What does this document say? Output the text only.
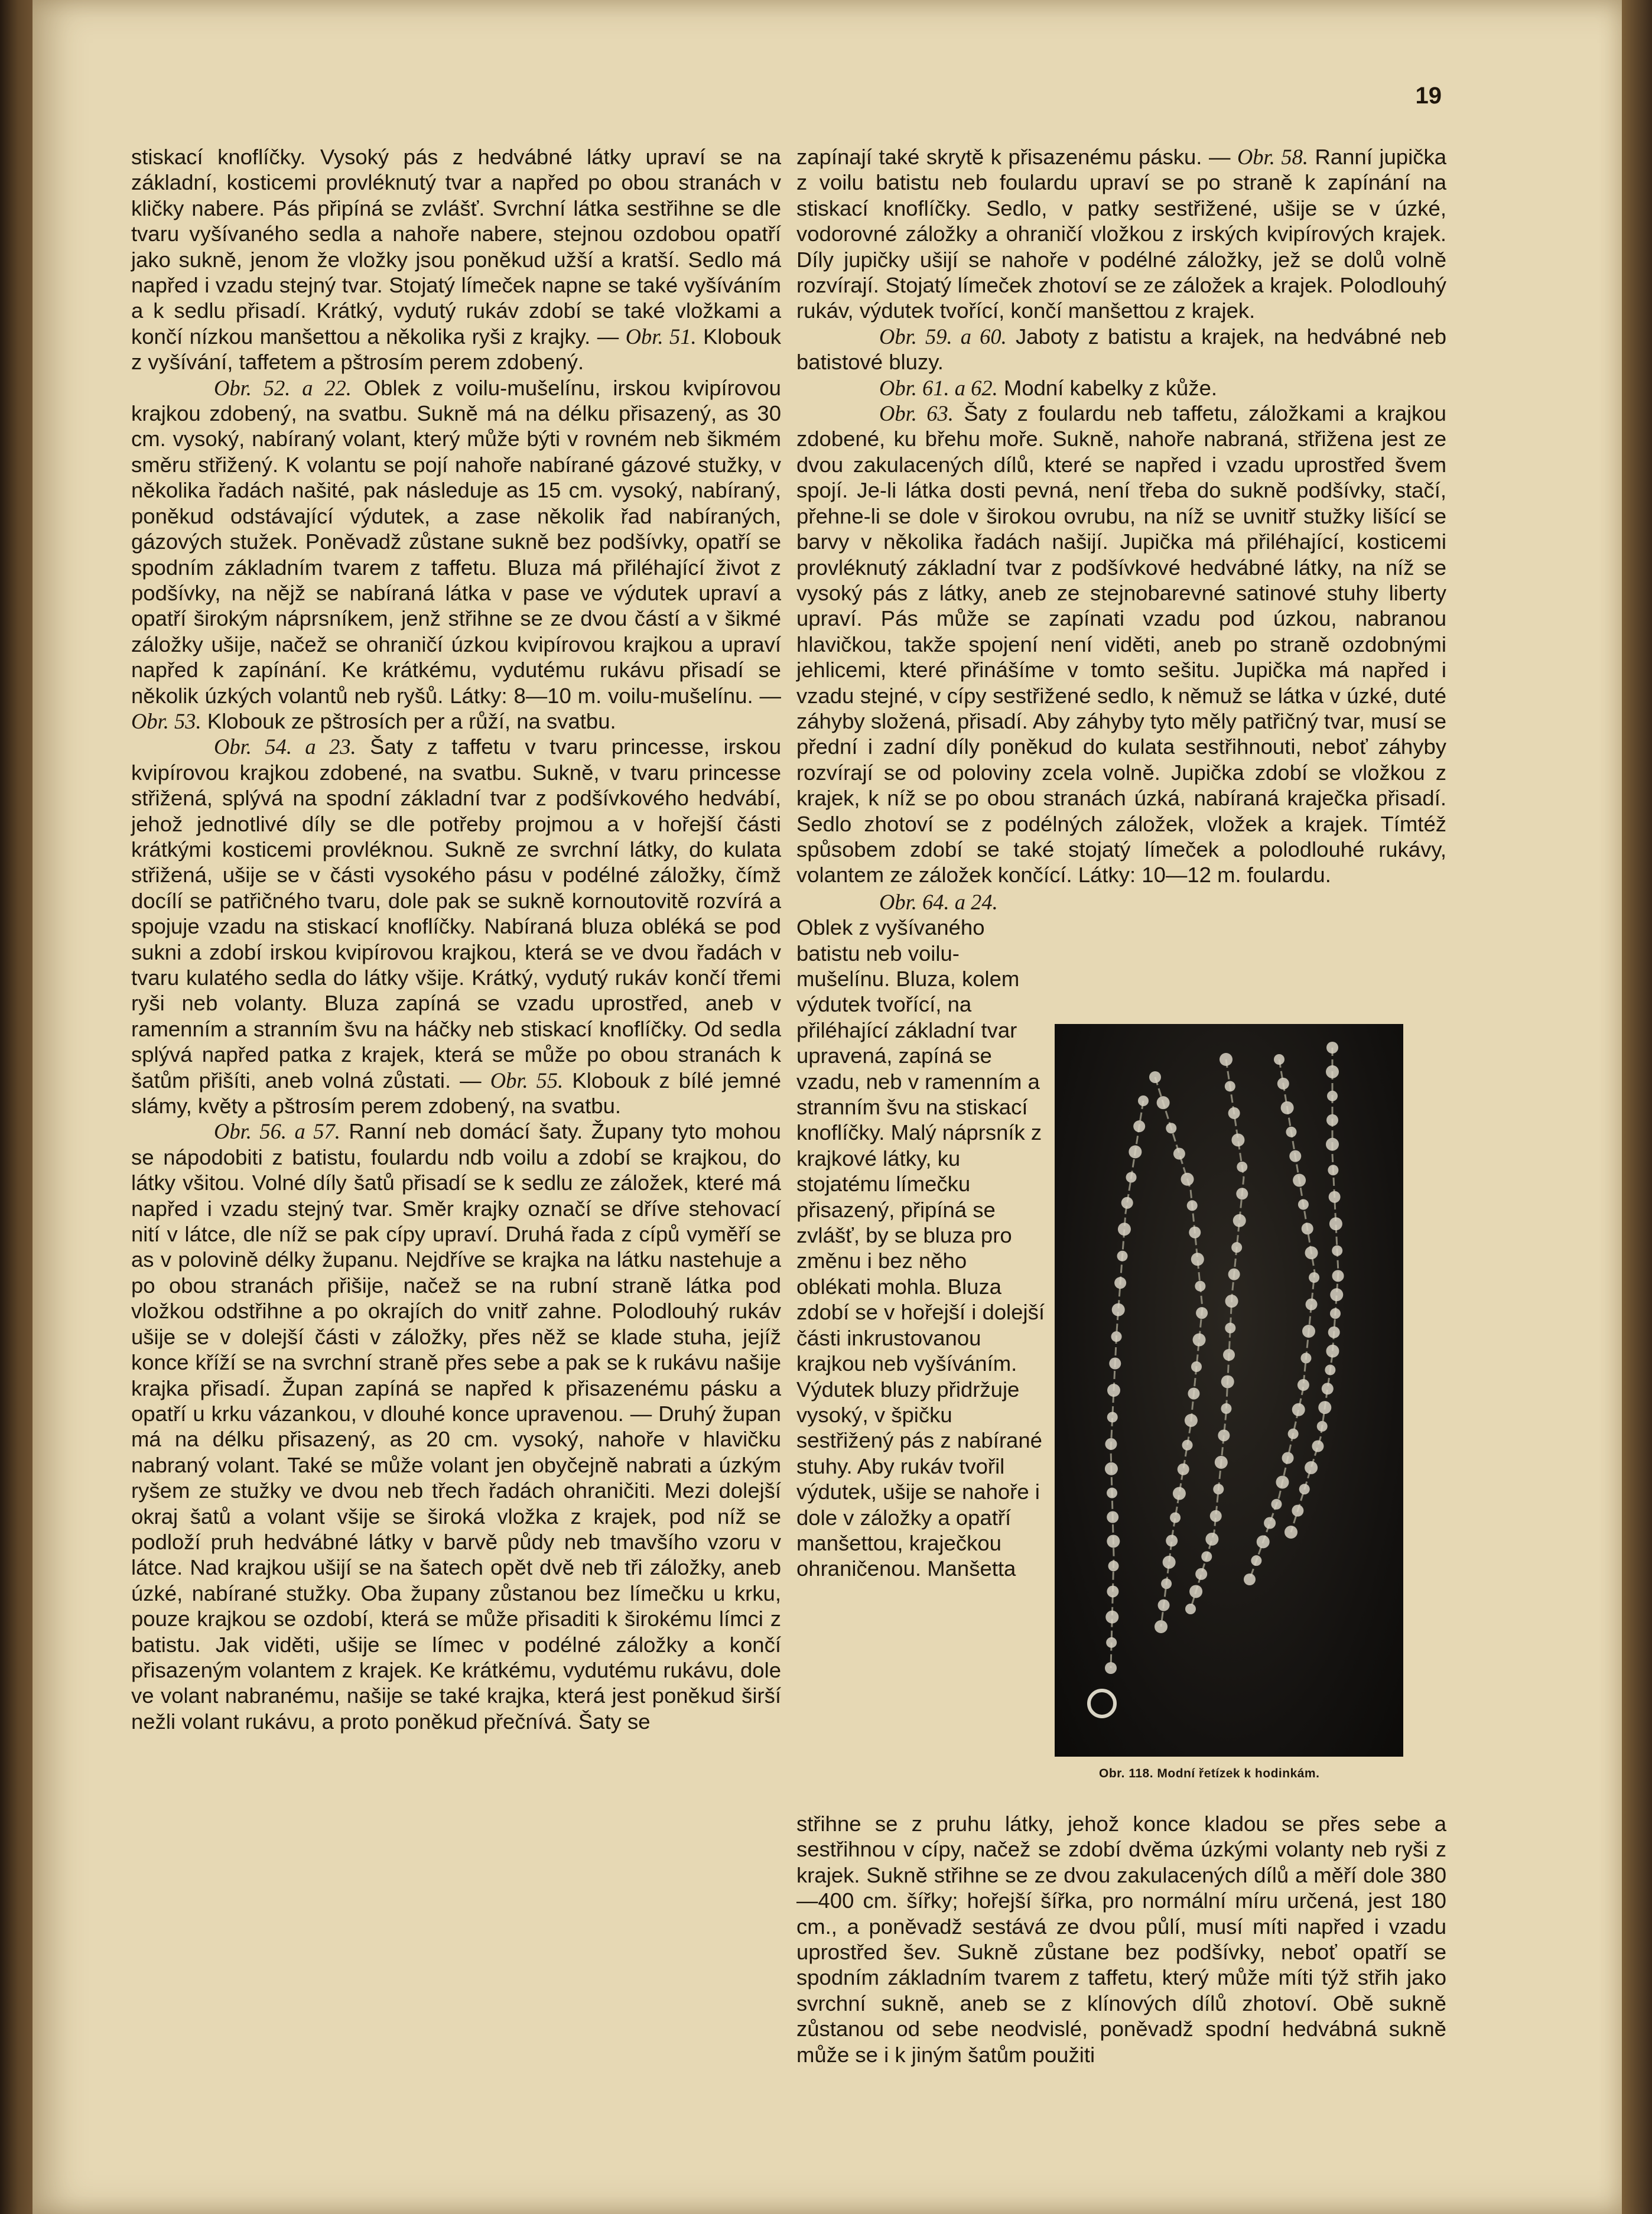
19

stiskací knoflíčky. Vysoký pás z hedvábné látky upraví se na základní, kosticemi provléknutý tvar a napřed po obou stranách v kličky nabere. Pás připíná se zvlášť. Svrchní látka sestřihne se dle tvaru vyšívaného sedla a nahoře nabere, stejnou ozdobou opatří jako sukně, jenom že vložky jsou poněkud užší a kratší. Sedlo má napřed i vzadu stejný tvar. Stojatý límeček napne se také vyšíváním a k sedlu přisadí. Krátký, vydutý rukáv zdobí se také vložkami a končí nízkou manšettou a několika ryši z krajky. — Obr. 51. Klobouk z vyšívání, taffetem a pštrosím perem zdobený.

Obr. 52. a 22. Oblek z voilu-mušelínu, irskou kvipírovou krajkou zdobený, na svatbu. Sukně má na délku přisazený, as 30 cm. vysoký, nabíraný volant, který může býti v rovném neb šikmém směru střižený. K volantu se pojí nahoře nabírané gázové stužky, v několika řadách našité, pak následuje as 15 cm. vysoký, nabíraný, poněkud odstávající výdutek, a zase několik řad nabíraných, gázových stužek. Poněvadž zůstane sukně bez podšívky, opatří se spodním základním tvarem z taffetu. Bluza má přiléhající život z podšívky, na nějž se nabíraná látka v pase ve výdutek upraví a opatří širokým náprsníkem, jenž střihne se ze dvou částí a v šikmé záložky ušije, načež se ohraničí úzkou kvipírovou krajkou a upraví napřed k zapínání. Ke krátkému, vydutému rukávu přisadí se několik úzkých volantů neb ryšů. Látky: 8—10 m. voilu-mušelínu. — Obr. 53. Klobouk ze pštrosích per a růží, na svatbu.

Obr. 54. a 23. Šaty z taffetu v tvaru princesse, irskou kvipírovou krajkou zdobené, na svatbu. Sukně, v tvaru princesse střižená, splývá na spodní základní tvar z podšívkového hedvábí, jehož jednotlivé díly se dle potřeby projmou a v hořejší části krátkými kosticemi provléknou. Sukně ze svrchní látky, do kulata střižená, ušije se v části vysokého pásu v podélné záložky, čímž docílí se patřičného tvaru, dole pak se sukně kornoutovitě rozvírá a spojuje vzadu na stiskací knoflíčky. Nabíraná bluza obléká se pod sukni a zdobí irskou kvipírovou krajkou, která se ve dvou řadách v tvaru kulatého sedla do látky všije. Krátký, vydutý rukáv končí třemi ryši neb volanty. Bluza zapíná se vzadu uprostřed, aneb v ramenním a stranním švu na háčky neb stiskací knoflíčky. Od sedla splývá napřed patka z krajek, která se může po obou stranách k šatům přišíti, aneb volná zůstati. — Obr. 55. Klobouk z bílé jemné slámy, květy a pštrosím perem zdobený, na svatbu.

Obr. 56. a 57. Ranní neb domácí šaty. Župany tyto mohou se nápodobiti z batistu, foulardu ndb voilu a zdobí se krajkou, do látky všitou. Volné díly šatů přisadí se k sedlu ze záložek, které má napřed i vzadu stejný tvar. Směr krajky označí se dříve stehovací nití v látce, dle níž se pak cípy upraví. Druhá řada z cípů vyměří se as v polovině délky županu. Nejdříve se krajka na látku nastehuje a po obou stranách přišije, načež se na rubní straně látka pod vložkou odstřihne a po okrajích do vnitř zahne. Polodlouhý rukáv ušije se v dolejší části v záložky, přes něž se klade stuha, jejíž konce kříží se na svrchní straně přes sebe a pak se k rukávu našije krajka přisadí. Župan zapíná se napřed k přisazenému pásku a opatří u krku vázankou, v dlouhé konce upravenou. — Druhý župan má na délku přisazený, as 20 cm. vysoký, nahoře v hlavičku nabraný volant. Také se může volant jen obyčejně nabrati a úzkým ryšem ze stužky ve dvou neb třech řadách ohraničiti. Mezi dolejší okraj šatů a volant všije se široká vložka z krajek, pod níž se podloží pruh hedvábné látky v barvě půdy neb tmavšího vzoru v látce. Nad krajkou ušijí se na šatech opět dvě neb tři záložky, aneb úzké, nabírané stužky. Oba župany zůstanou bez límečku u krku, pouze krajkou se ozdobí, která se může přisaditi k širokému límci z batistu. Jak viděti, ušije se límec v podélné záložky a končí přisazeným volantem z krajek. Ke krátkému, vydutému rukávu, dole ve volant nabranému, našije se také krajka, která jest poněkud širší nežli volant rukávu, a proto poněkud přečnívá. Šaty se

zapínají také skrytě k přisazenému pásku. — Obr. 58. Ranní jupička z voilu batistu neb foulardu upraví se po straně k zapínání na stiskací knoflíčky. Sedlo, v patky sestřižené, ušije se v úzké, vodorovné záložky a ohraničí vložkou z irských kvipírových krajek. Díly jupičky ušijí se nahoře v podélné záložky, jež se dolů volně rozvírají. Stojatý límeček zhotoví se ze záložek a krajek. Polodlouhý rukáv, výdutek tvořící, končí manšettou z krajek.

Obr. 59. a 60. Jaboty z batistu a krajek, na hedvábné neb batistové bluzy.

Obr. 61. a 62. Modní kabelky z kůže.

Obr. 63. Šaty z foulardu neb taffetu, záložkami a krajkou zdobené, ku břehu moře. Sukně, nahoře nabraná, střižena jest ze dvou zakulacených dílů, které se napřed i vzadu uprostřed švem spojí. Je-li látka dosti pevná, není třeba do sukně podšívky, stačí, přehne-li se dole v širokou ovrubu, na níž se uvnitř stužky lišící se barvy v několika řadách našijí. Jupička má přiléhající, kosticemi provléknutý základní tvar z podšívkové hedvábné látky, na níž se vysoký pás z látky, aneb ze stejnobarevné satinové stuhy liberty upraví. Pás může se zapínati vzadu pod úzkou, nabranou hlavičkou, takže spojení není viděti, aneb po straně ozdobnými jehlicemi, které přinášíme v tomto sešitu. Jupička má napřed i vzadu stejné, v cípy sestřižené sedlo, k němuž se látka v úzké, duté záhyby složená, přisadí. Aby záhyby tyto měly patřičný tvar, musí se přední i zadní díly poněkud do kulata sestřihnouti, neboť záhyby rozvírají se od poloviny zcela volně. Jupička zdobí se vložkou z krajek, k níž se po obou stranách úzká, nabíraná kraječka přisadí. Sedlo zhotoví se z podélných záložek, vložek a krajek. Tímtéž spůsobem zdobí se také stojatý límeček a polodlouhé rukávy, volantem ze záložek končící. Látky: 10—12 m. foulardu.

Obr. 64. a 24.

Oblek z vyšívaného batistu neb voilu-mušelínu. Bluza, kolem výdutek tvořící, na přiléhající základní tvar upravená, zapíná se vzadu, neb v ramenním a stranním švu na stiskací knoflíčky. Malý náprsník z krajkové látky, ku stojatému límečku přisazený, připíná se zvlášť, by se bluza pro změnu i bez něho oblékati mohla. Bluza zdobí se v hořejší i dolejší části inkrustovanou krajkou neb vyšíváním. Výdutek bluzy přidržuje vysoký, v špičku sestřižený pás z nabírané stuhy. Aby rukáv tvořil výdutek, ušije se nahoře i dole v záložky a opatří manšettou, kraječkou ohraničenou. Manšetta

Obr. 118. Modní řetízek k hodinkám.
střihne se z pruhu látky, jehož konce kladou se přes sebe a sestřihnou v cípy, načež se zdobí dvěma úzkými volanty neb ryši z krajek. Sukně střihne se ze dvou zakulacených dílů a měří dole 380—400 cm. šířky; hořejší šířka, pro normální míru určená, jest 180 cm., a poněvadž sestává ze dvou půlí, musí míti napřed i vzadu uprostřed šev. Sukně zůstane bez podšívky, neboť opatří se spodním základním tvarem z taffetu, který může míti týž střih jako svrchní sukně, aneb se z klínových dílů zhotoví. Obě sukně zůstanou od sebe neodvislé, poněvadž spodní hedvábná sukně může se i k jiným šatům použiti
